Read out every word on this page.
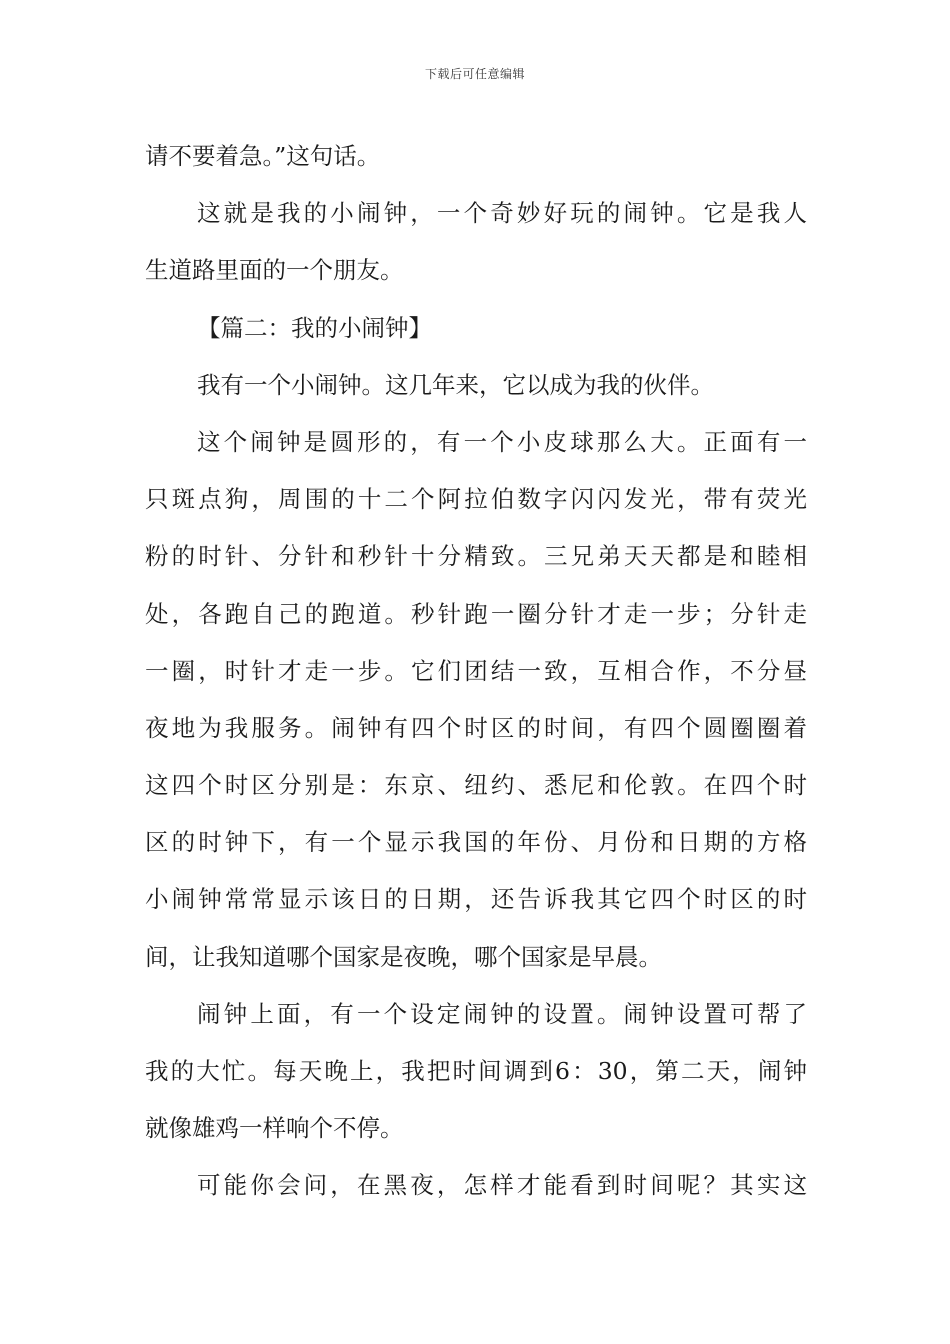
下载后可任意编辑
请不要着急。”这句话。
这就是我的小闹钟，一个奇妙好玩的闹钟。它是我人
生道路里面的一个朋友。
【篇二：我的小闹钟】
我有一个小闹钟。这几年来，它以成为我的伙伴。
这个闹钟是圆形的，有一个小皮球那么大。正面有一
只斑点狗，周围的十二个阿拉伯数字闪闪发光，带有荧光
粉的时针、分针和秒针十分精致。三兄弟天天都是和睦相
处，各跑自己的跑道。秒针跑一圈分针才走一步；分针走
一圈，时针才走一步。它们团结一致，互相合作，不分昼
夜地为我服务。闹钟有四个时区的时间，有四个圆圈圈着
这四个时区分别是：东京、纽约、悉尼和伦敦。在四个时
区的时钟下，有一个显示我国的年份、月份和日期的方格
小闹钟常常显示该日的日期，还告诉我其它四个时区的时
间，让我知道哪个国家是夜晚，哪个国家是早晨。
闹钟上面，有一个设定闹钟的设置。闹钟设置可帮了
我的大忙。每天晚上，我把时间调到6：30，第二天，闹钟
就像雄鸡一样响个不停。
可能你会问，在黑夜，怎样才能看到时间呢？其实这
